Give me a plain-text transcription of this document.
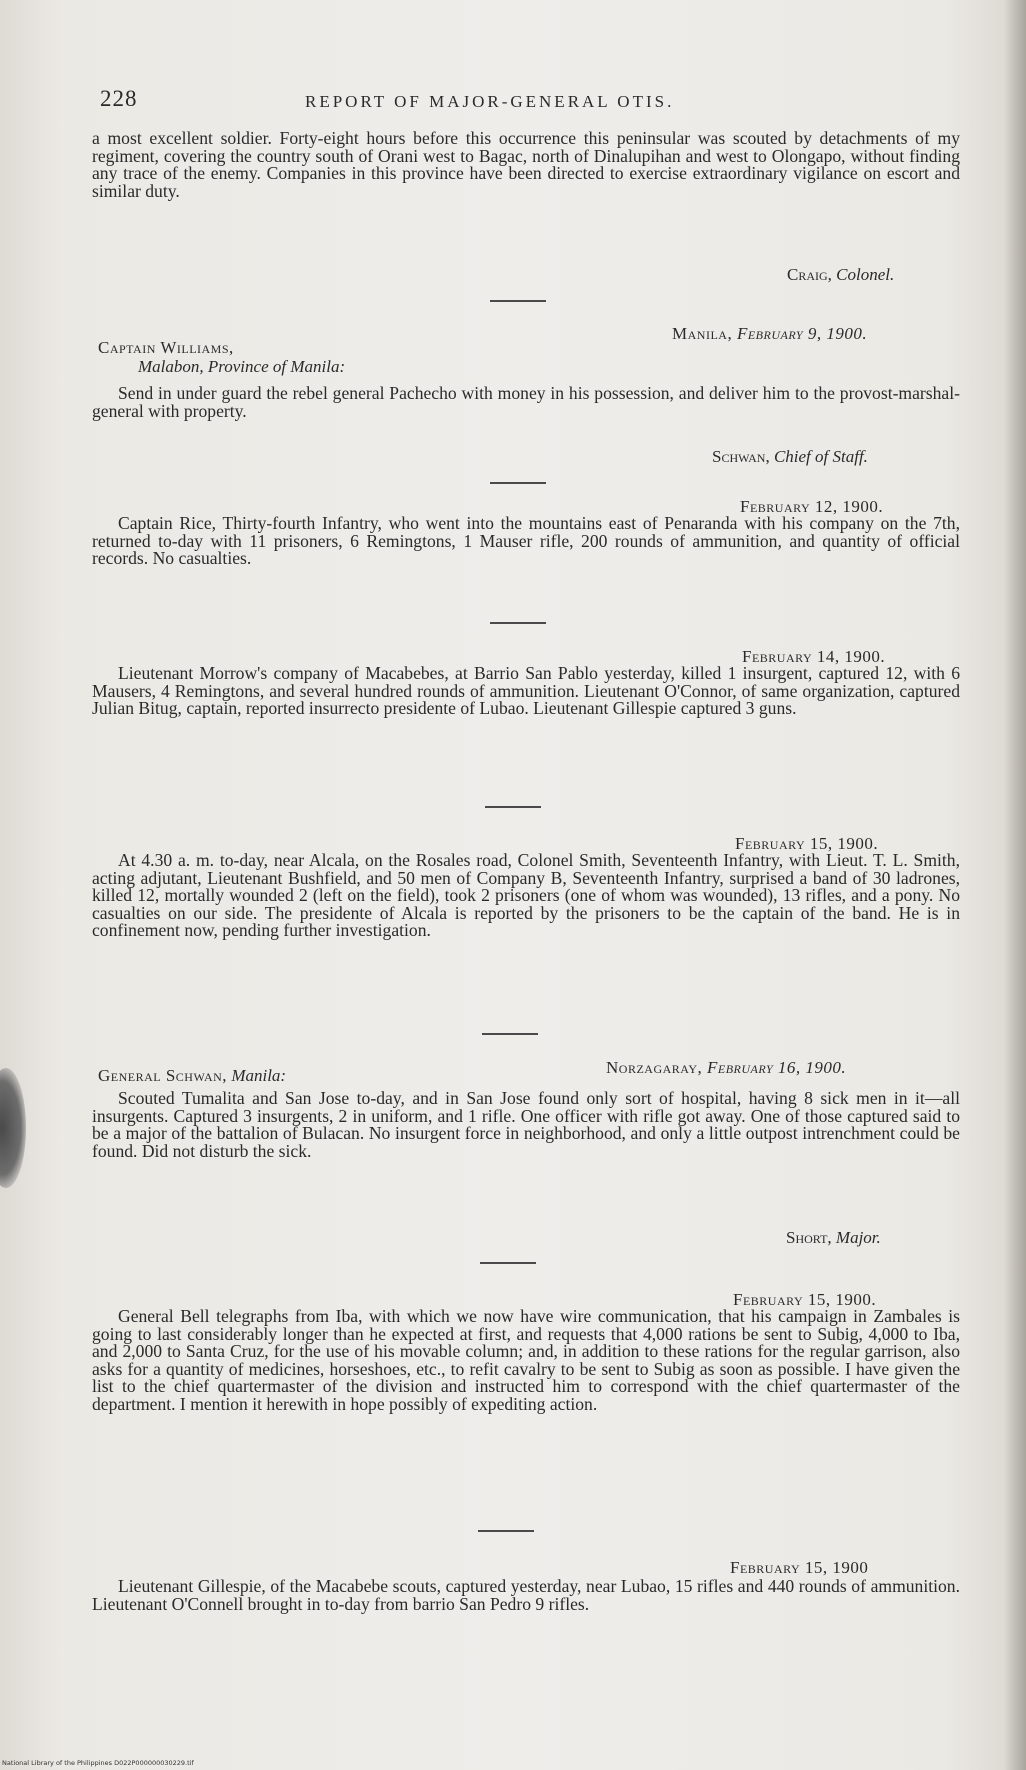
228	REPORT OF MAJOR-GENERAL OTIS.

a most excellent soldier. Forty-eight hours before this occurrence this peninsular was scouted by detachments of my regiment, covering the country south of Orani west to Bagac, north of Dinalupihan and west to Olongapo, without finding any trace of the enemy. Companies in this province have been directed to exercise extraordinary vigilance on escort and similar duty.

Craig, Colonel.
Manila, February 9, 1900.
Captain Williams,
Malabon, Province of Manila:

Send in under guard the rebel general Pachecho with money in his possession, and deliver him to the provost-marshal-general with property.

Schwan, Chief of Staff.
February 12, 1900.

Captain Rice, Thirty-fourth Infantry, who went into the mountains east of Penaranda with his company on the 7th, returned to-day with 11 prisoners, 6 Remingtons, 1 Mauser rifle, 200 rounds of ammunition, and quantity of official records. No casualties.

February 14, 1900.

Lieutenant Morrow's company of Macabebes, at Barrio San Pablo yesterday, killed 1 insurgent, captured 12, with 6 Mausers, 4 Remingtons, and several hundred rounds of ammunition. Lieutenant O'Connor, of same organization, captured Julian Bitug, captain, reported insurrecto presidente of Lubao. Lieutenant Gillespie captured 3 guns.

February 15, 1900.

At 4.30 a. m. to-day, near Alcala, on the Rosales road, Colonel Smith, Seventeenth Infantry, with Lieut. T. L. Smith, acting adjutant, Lieutenant Bushfield, and 50 men of Company B, Seventeenth Infantry, surprised a band of 30 ladrones, killed 12, mortally wounded 2 (left on the field), took 2 prisoners (one of whom was wounded), 13 rifles, and a pony. No casualties on our side. The presidente of Alcala is reported by the prisoners to be the captain of the band. He is in confinement now, pending further investigation.

Norzagaray, February 16, 1900.
General Schwan, Manila:

Scouted Tumalita and San Jose to-day, and in San Jose found only sort of hospital, having 8 sick men in it—all insurgents. Captured 3 insurgents, 2 in uniform, and 1 rifle. One officer with rifle got away. One of those captured said to be a major of the battalion of Bulacan. No insurgent force in neighborhood, and only a little outpost intrenchment could be found. Did not disturb the sick.

Short, Major.
February 15, 1900.

General Bell telegraphs from Iba, with which we now have wire communication, that his campaign in Zambales is going to last considerably longer than he expected at first, and requests that 4,000 rations be sent to Subig, 4,000 to Iba, and 2,000 to Santa Cruz, for the use of his movable column; and, in addition to these rations for the regular garrison, also asks for a quantity of medicines, horseshoes, etc., to refit cavalry to be sent to Subig as soon as possible. I have given the list to the chief quartermaster of the division and instructed him to correspond with the chief quartermaster of the department. I mention it herewith in hope possibly of expediting action.

February 15, 1900

Lieutenant Gillespie, of the Macabebe scouts, captured yesterday, near Lubao, 15 rifles and 440 rounds of ammunition. Lieutenant O'Connell brought in to-day from barrio San Pedro 9 rifles.

National Library of the Philippines D022P000000030229.tif
